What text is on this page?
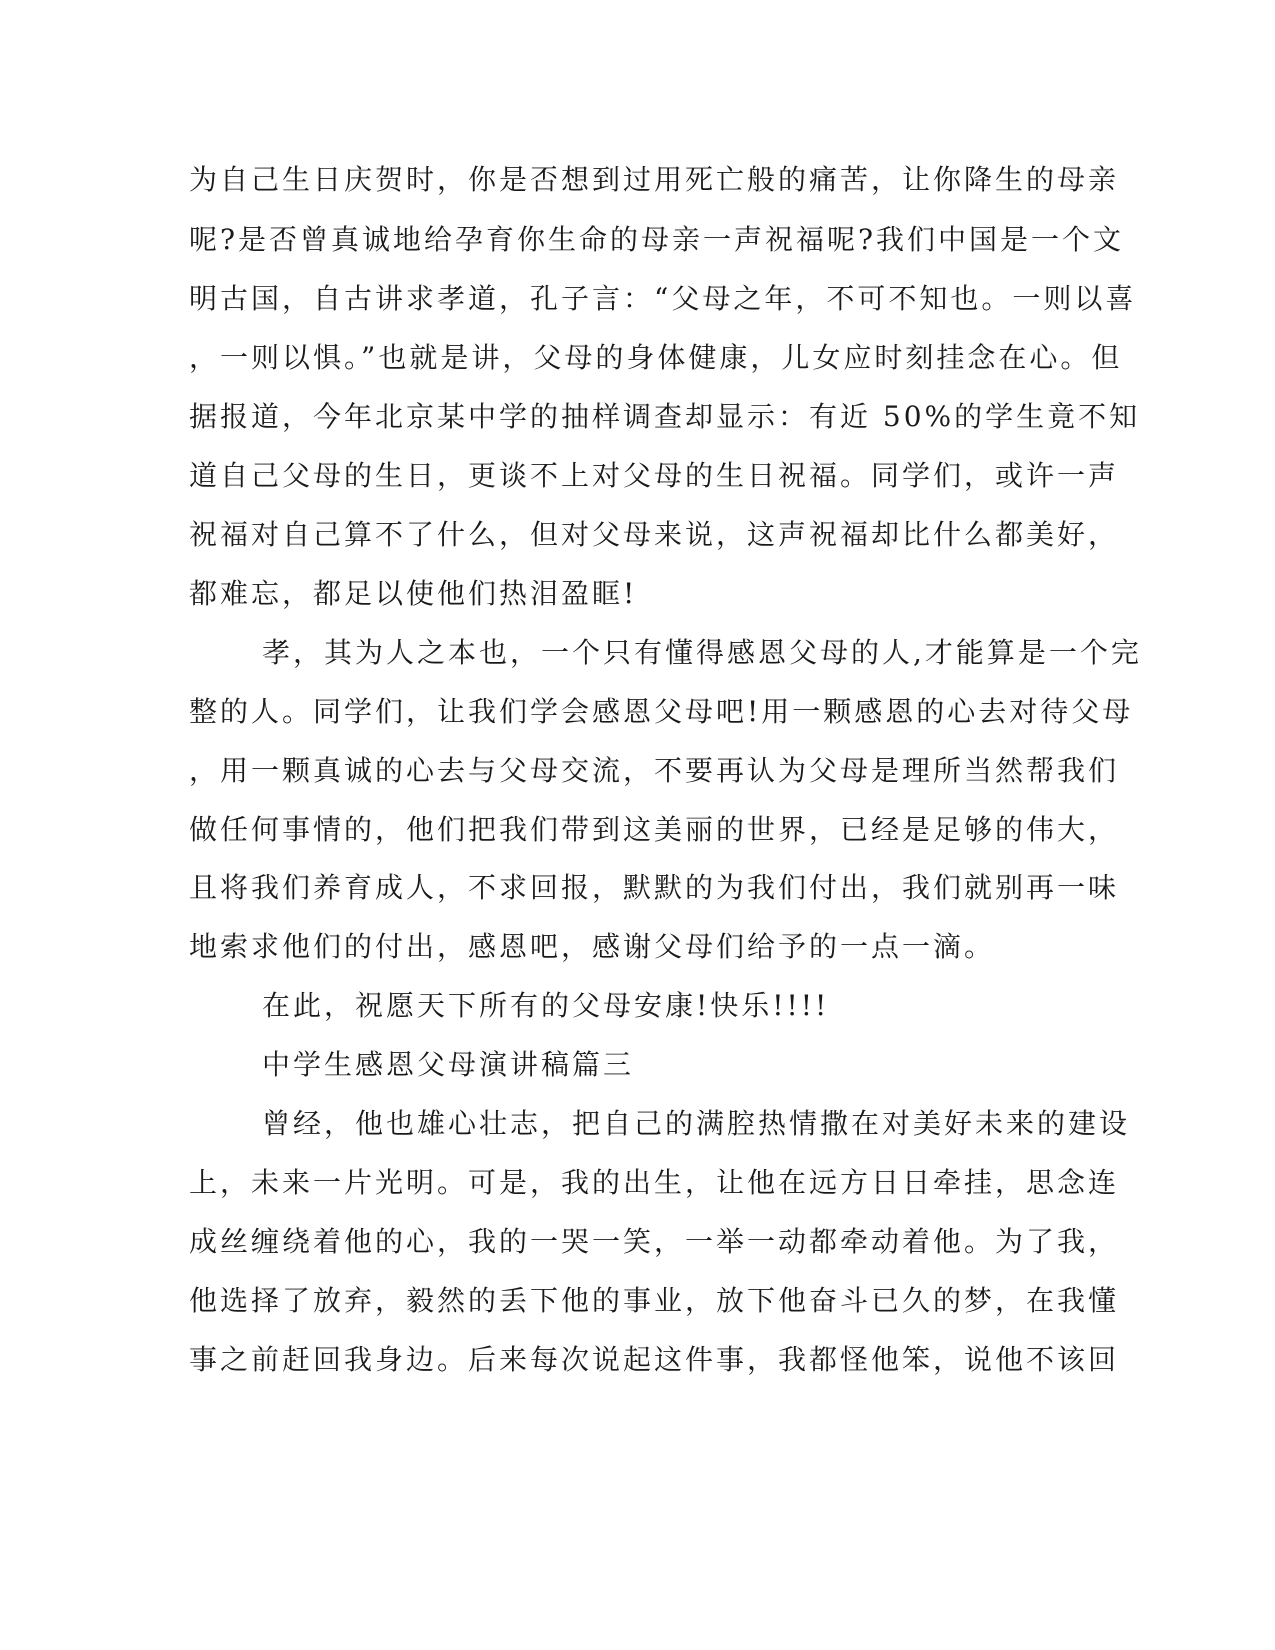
为自己生日庆贺时，你是否想到过用死亡般的痛苦，让你降生的母亲
呢?是否曾真诚地给孕育你生命的母亲一声祝福呢?我们中国是一个文
明古国，自古讲求孝道，孔子言：“父母之年，不可不知也。一则以喜
，一则以惧。”也就是讲，父母的身体健康，儿女应时刻挂念在心。但
据报道，今年北京某中学的抽样调查却显示：有近 50%的学生竟不知
道自己父母的生日，更谈不上对父母的生日祝福。同学们，或许一声
祝福对自己算不了什么，但对父母来说，这声祝福却比什么都美好，
都难忘，都足以使他们热泪盈眶!
孝，其为人之本也，一个只有懂得感恩父母的人,才能算是一个完
整的人。同学们，让我们学会感恩父母吧!用一颗感恩的心去对待父母
，用一颗真诚的心去与父母交流，不要再认为父母是理所当然帮我们
做任何事情的，他们把我们带到这美丽的世界，已经是足够的伟大，
且将我们养育成人，不求回报，默默的为我们付出，我们就别再一味
地索求他们的付出，感恩吧，感谢父母们给予的一点一滴。
在此，祝愿天下所有的父母安康!快乐!!!!
中学生感恩父母演讲稿篇三
曾经，他也雄心壮志，把自己的满腔热情撒在对美好未来的建设
上，未来一片光明。可是，我的出生，让他在远方日日牵挂，思念连
成丝缠绕着他的心，我的一哭一笑，一举一动都牵动着他。为了我，
他选择了放弃，毅然的丢下他的事业，放下他奋斗已久的梦，在我懂
事之前赶回我身边。后来每次说起这件事，我都怪他笨，说他不该回
